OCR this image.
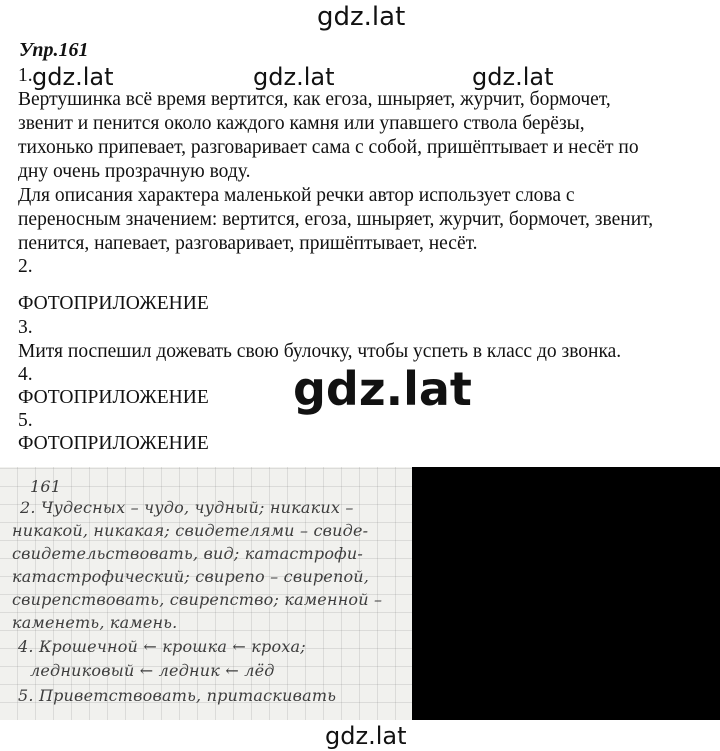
gdz.lat
Упр.161
1.
Вертушинка всё время вертится, как егоза, шныряет, журчит, бормочет,
звенит и пенится около каждого камня или упавшего ствола берёзы,
тихонько припевает, разговаривает сама с собой, пришёптывает и несёт по
дну очень прозрачную воду.
Для описания характера маленькой речки автор использует слова с
переносным значением: вертится, егоза, шныряет, журчит, бормочет, звенит,
пенится, напевает, разговаривает, пришёптывает, несёт.
2.
ФОТОПРИЛОЖЕНИЕ
3.
Митя поспешил дожевать свою булочку, чтобы успеть в класс до звонка.
4.
ФОТОПРИЛОЖЕНИЕ
5.
ФОТОПРИЛОЖЕНИЕ
gdz.lat	gdz.lat	gdz.lat
gdz.lat
161
2. Чудесных – чудо, чудный; никаких –
никакой, никакая; свидетелями – свиде-
свидетельствовать, вид; катастрофи-
катастрофический; свирепо – свирепой,
свирепствовать, свирепство; каменной –
каменеть, камень.
4. Крошечной ← крошка ← кроха;
ледниковый ← ледник ← лёд
5. Приветствовать, притаскивать
gdz.lat
